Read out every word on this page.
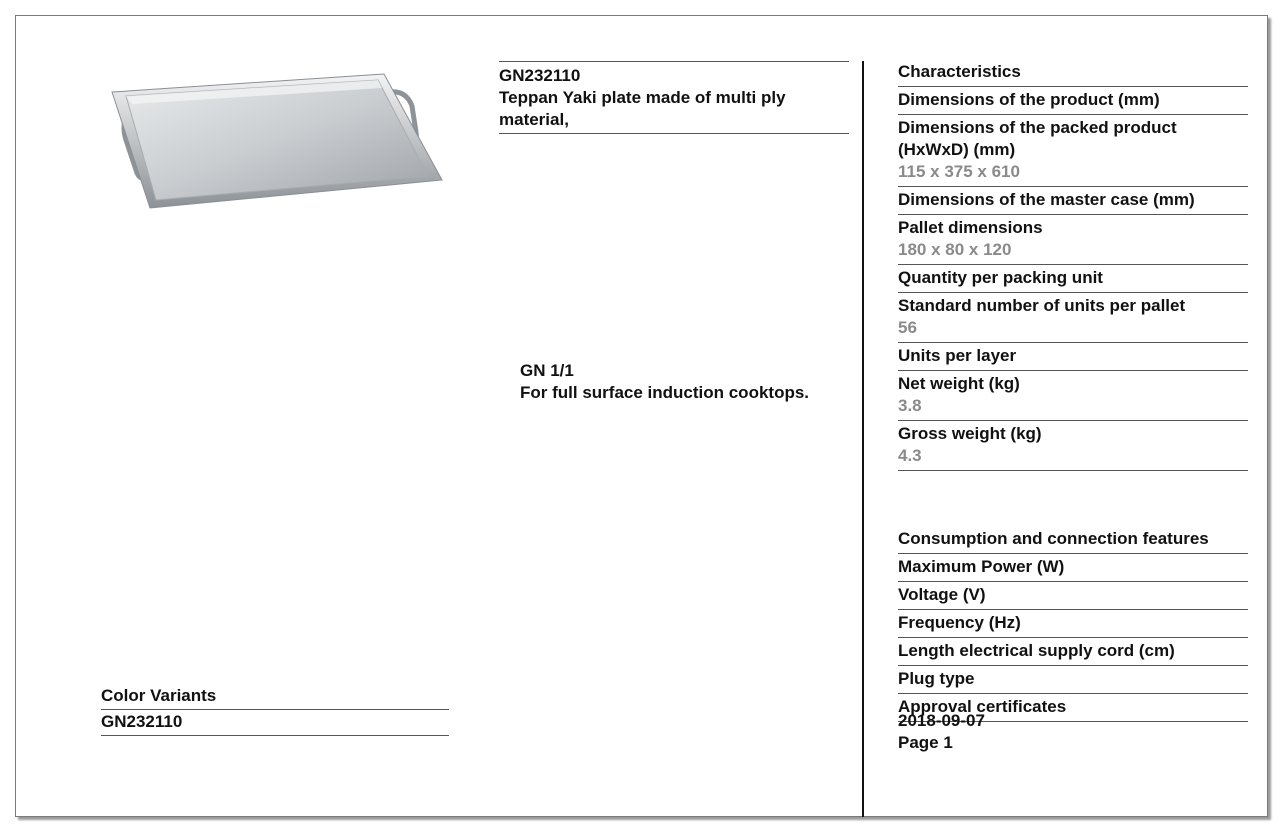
GN232110
Teppan Yaki plate made of multi ply material,
GN 1/1
For full surface induction cooktops.
Characteristics
Dimensions of the product (mm)
Dimensions of the packed product (HxWxD) (mm)
115 x 375 x 610
Dimensions of the master case (mm)
Pallet dimensions
180 x 80 x 120
Quantity per packing unit
Standard number of units per pallet
56
Units per layer
Net weight (kg)
3.8
Gross weight (kg)
4.3
Consumption and connection features
Maximum Power (W)
Voltage (V)
Frequency (Hz)
Length electrical supply cord (cm)
Plug type
Approval certificates
2018-09-07
Page 1
Color Variants
GN232110
